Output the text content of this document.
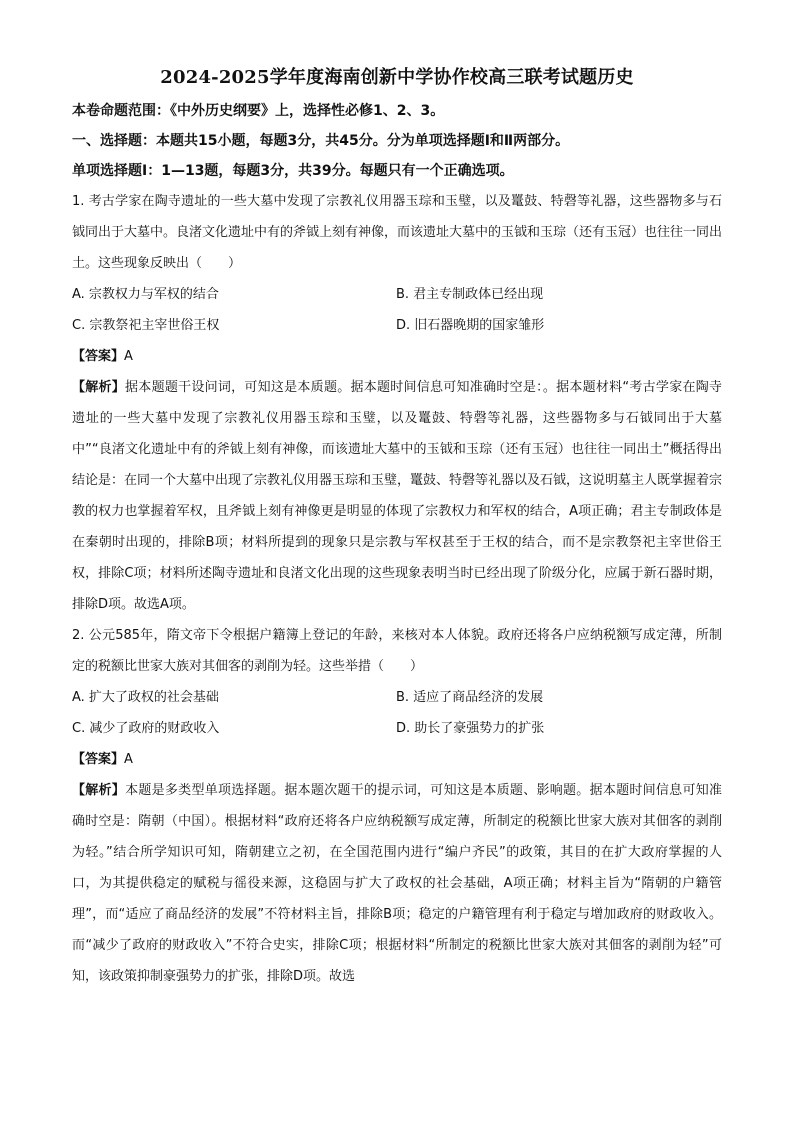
2024-2025学年度海南创新中学协作校高三联考试题历史
本卷命题范围：《中外历史纲要》上，选择性必修1、2、3。
一、选择题：本题共15小题，每题3分，共45分。分为单项选择题Ⅰ和Ⅱ两部分。
单项选择题Ⅰ：1—13题，每题3分，共39分。每题只有一个正确选项。

1. 考古学家在陶寺遗址的一些大墓中发现了宗教礼仪用器玉琮和玉璧，以及鼍鼓、特磬等礼器，这些器物多与石钺同出于大墓中。良渚文化遗址中有的斧钺上刻有神像，而该遗址大墓中的玉钺和玉琮（还有玉冠）也往往一同出土。这些现象反映出（　　）

A. 宗教权力与军权的结合	B. 君主专制政体已经出现
C. 宗教祭祀主宰世俗王权	D. 旧石器晚期的国家雏形

【答案】A

【解析】据本题题干设问词，可知这是本质题。据本题时间信息可知准确时空是：。据本题材料“考古学家在陶寺遗址的一些大墓中发现了宗教礼仪用器玉琮和玉璧，以及鼍鼓、特磬等礼器，这些器物多与石钺同出于大墓中”“良渚文化遗址中有的斧钺上刻有神像，而该遗址大墓中的玉钺和玉琮（还有玉冠）也往往一同出土”概括得出结论是：在同一个大墓中出现了宗教礼仪用器玉琮和玉璧，鼍鼓、特磬等礼器以及石钺，这说明墓主人既掌握着宗教的权力也掌握着军权，且斧钺上刻有神像更是明显的体现了宗教权力和军权的结合，A项正确；君主专制政体是在秦朝时出现的，排除B项；材料所提到的现象只是宗教与军权甚至于王权的结合，而不是宗教祭祀主宰世俗王权，排除C项；材料所述陶寺遗址和良渚文化出现的这些现象表明当时已经出现了阶级分化，应属于新石器时期，排除D项。故选A项。

2. 公元585年，隋文帝下令根据户籍簿上登记的年龄，来核对本人体貌。政府还将各户应纳税额写成定薄，所制定的税额比世家大族对其佃客的剥削为轻。这些举措（　　）

A. 扩大了政权的社会基础	B. 适应了商品经济的发展
C. 减少了政府的财政收入	D. 助长了豪强势力的扩张

【答案】A

【解析】本题是多类型单项选择题。据本题次题干的提示词，可知这是本质题、影响题。据本题时间信息可知准确时空是：隋朝（中国）。根据材料“政府还将各户应纳税额写成定薄，所制定的税额比世家大族对其佃客的剥削为轻。”结合所学知识可知，隋朝建立之初，在全国范围内进行“编户齐民”的政策，其目的在扩大政府掌握的人口，为其提供稳定的赋税与徭役来源，这稳固与扩大了政权的社会基础，A项正确；材料主旨为“隋朝的户籍管理”，而“适应了商品经济的发展”不符材料主旨，排除B项；稳定的户籍管理有利于稳定与增加政府的财政收入。而“减少了政府的财政收入”不符合史实，排除C项；根据材料“所制定的税额比世家大族对其佃客的剥削为轻”可知，该政策抑制豪强势力的扩张，排除D项。故选
